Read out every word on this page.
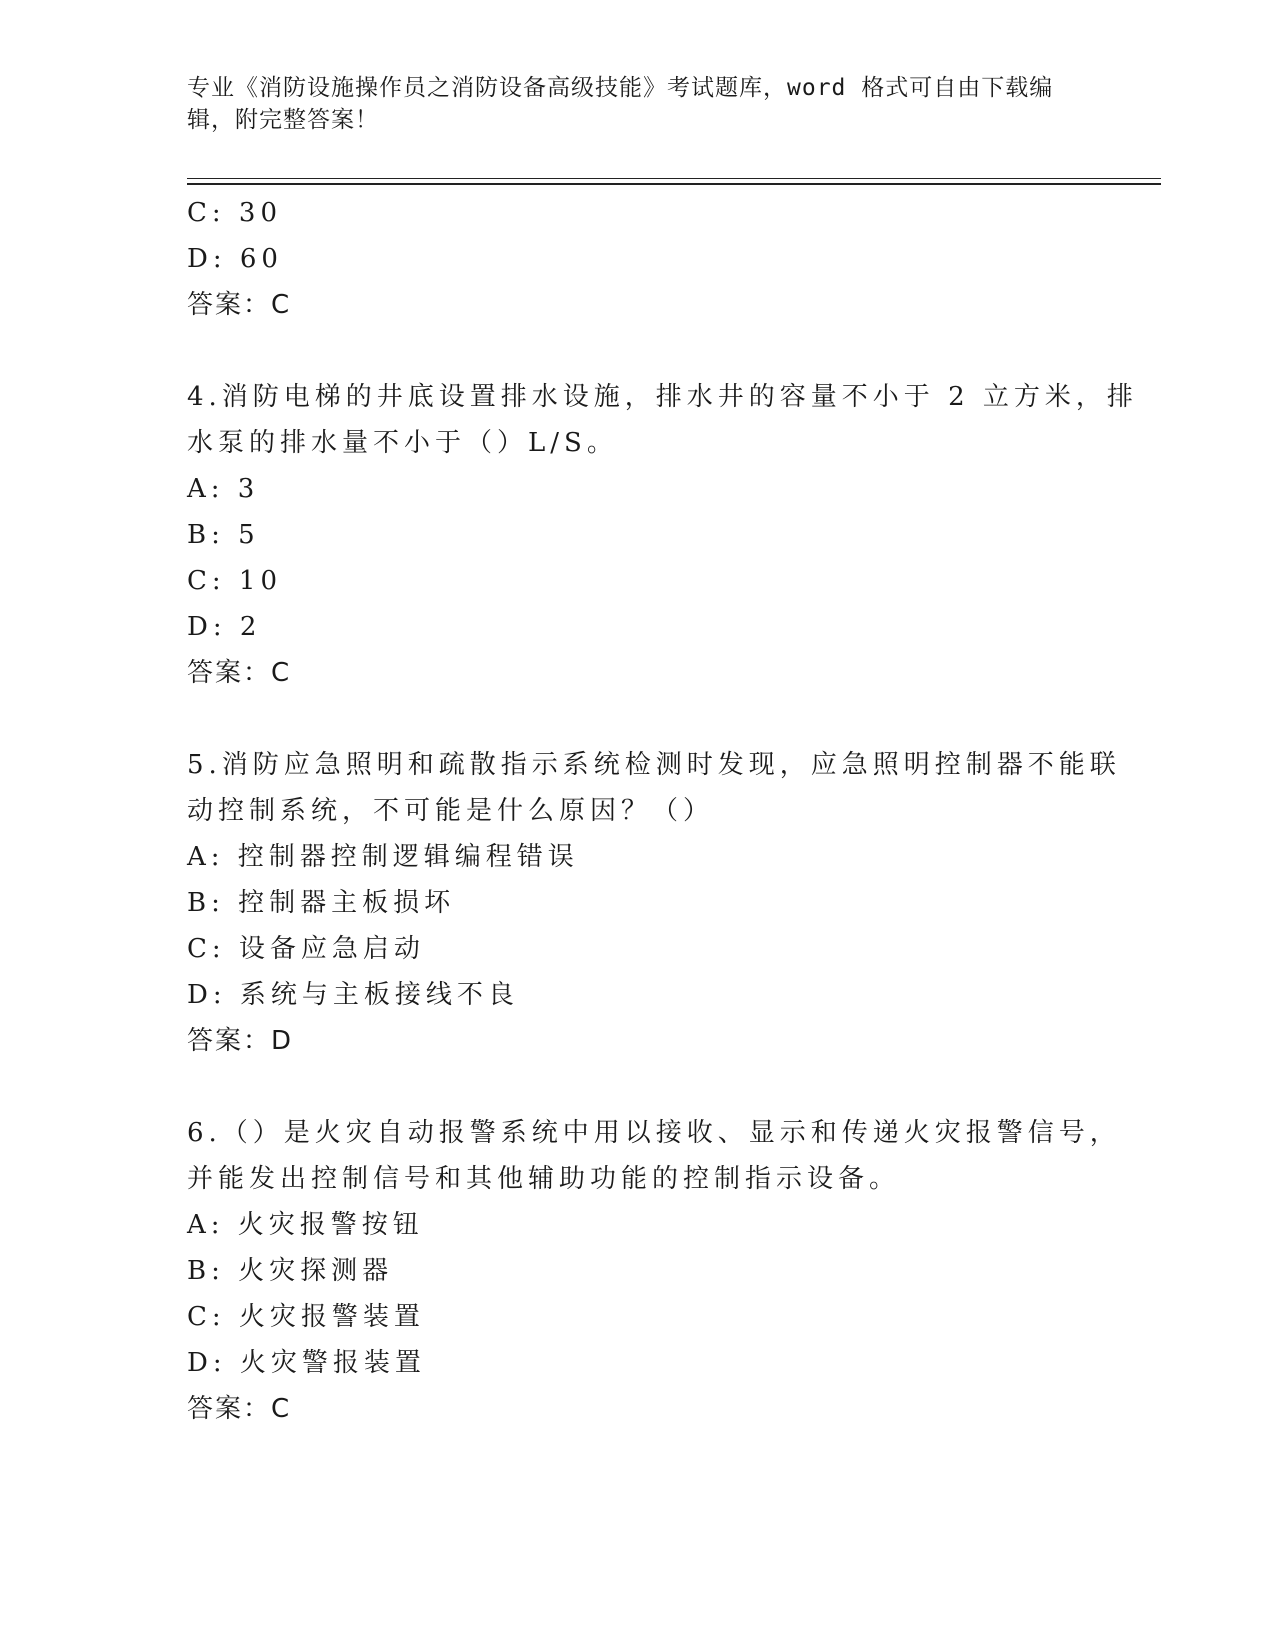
专业《消防设施操作员之消防设备高级技能》考试题库，word 格式可自由下载编
辑，附完整答案！
C: 30
D: 60
答案：C
4.消防电梯的井底设置排水设施，排水井的容量不小于 2 立方米，排
水泵的排水量不小于（）L/S。
A: 3
B: 5
C: 10
D: 2
答案：C
5.消防应急照明和疏散指示系统检测时发现，应急照明控制器不能联
动控制系统，不可能是什么原因？（）
A: 控制器控制逻辑编程错误
B: 控制器主板损坏
C: 设备应急启动
D: 系统与主板接线不良
答案：D
6.（）是火灾自动报警系统中用以接收、显示和传递火灾报警信号，
并能发出控制信号和其他辅助功能的控制指示设备。
A: 火灾报警按钮
B: 火灾探测器
C: 火灾报警装置
D: 火灾警报装置
答案：C
